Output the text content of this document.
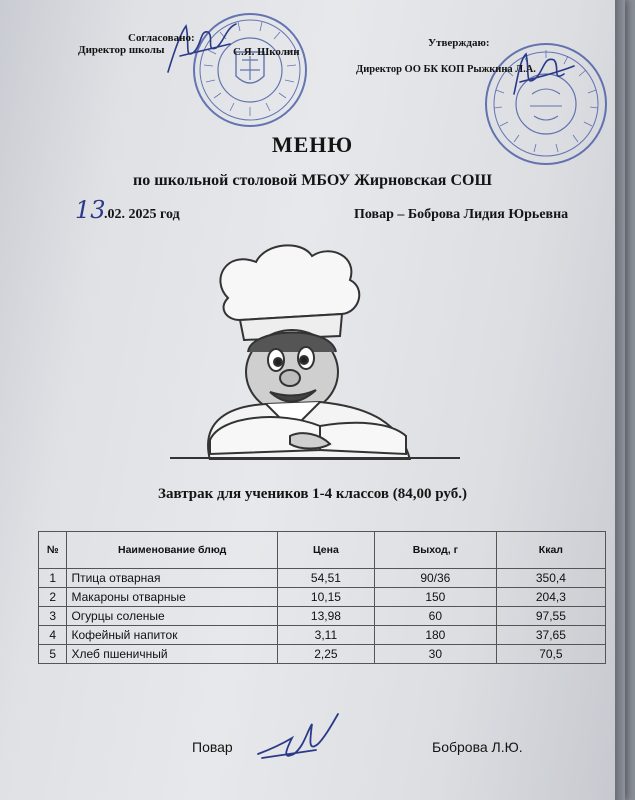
Согласовано:
Директор школы	С.Я. Школин
Утверждаю:
Директор ОО БК КОП Рыжкина Л.А.
МЕНЮ
по школьной столовой МБОУ Жирновская СОШ
13
.02. 2025 год	Повар – Боброва Лидия Юрьевна
Завтрак для учеников 1-4 классов (84,00 руб.)
№	Наименование блюд	Цена	Выход, г	Ккал
1	Птица отварная	54,51	90/36	350,4
2	Макароны отварные	10,15	150	204,3
3	Огурцы соленые	13,98	60	97,55
4	Кофейный напиток	3,11	180	37,65
5	Хлеб пшеничный	2,25	30	70,5
Повар	Боброва Л.Ю.
